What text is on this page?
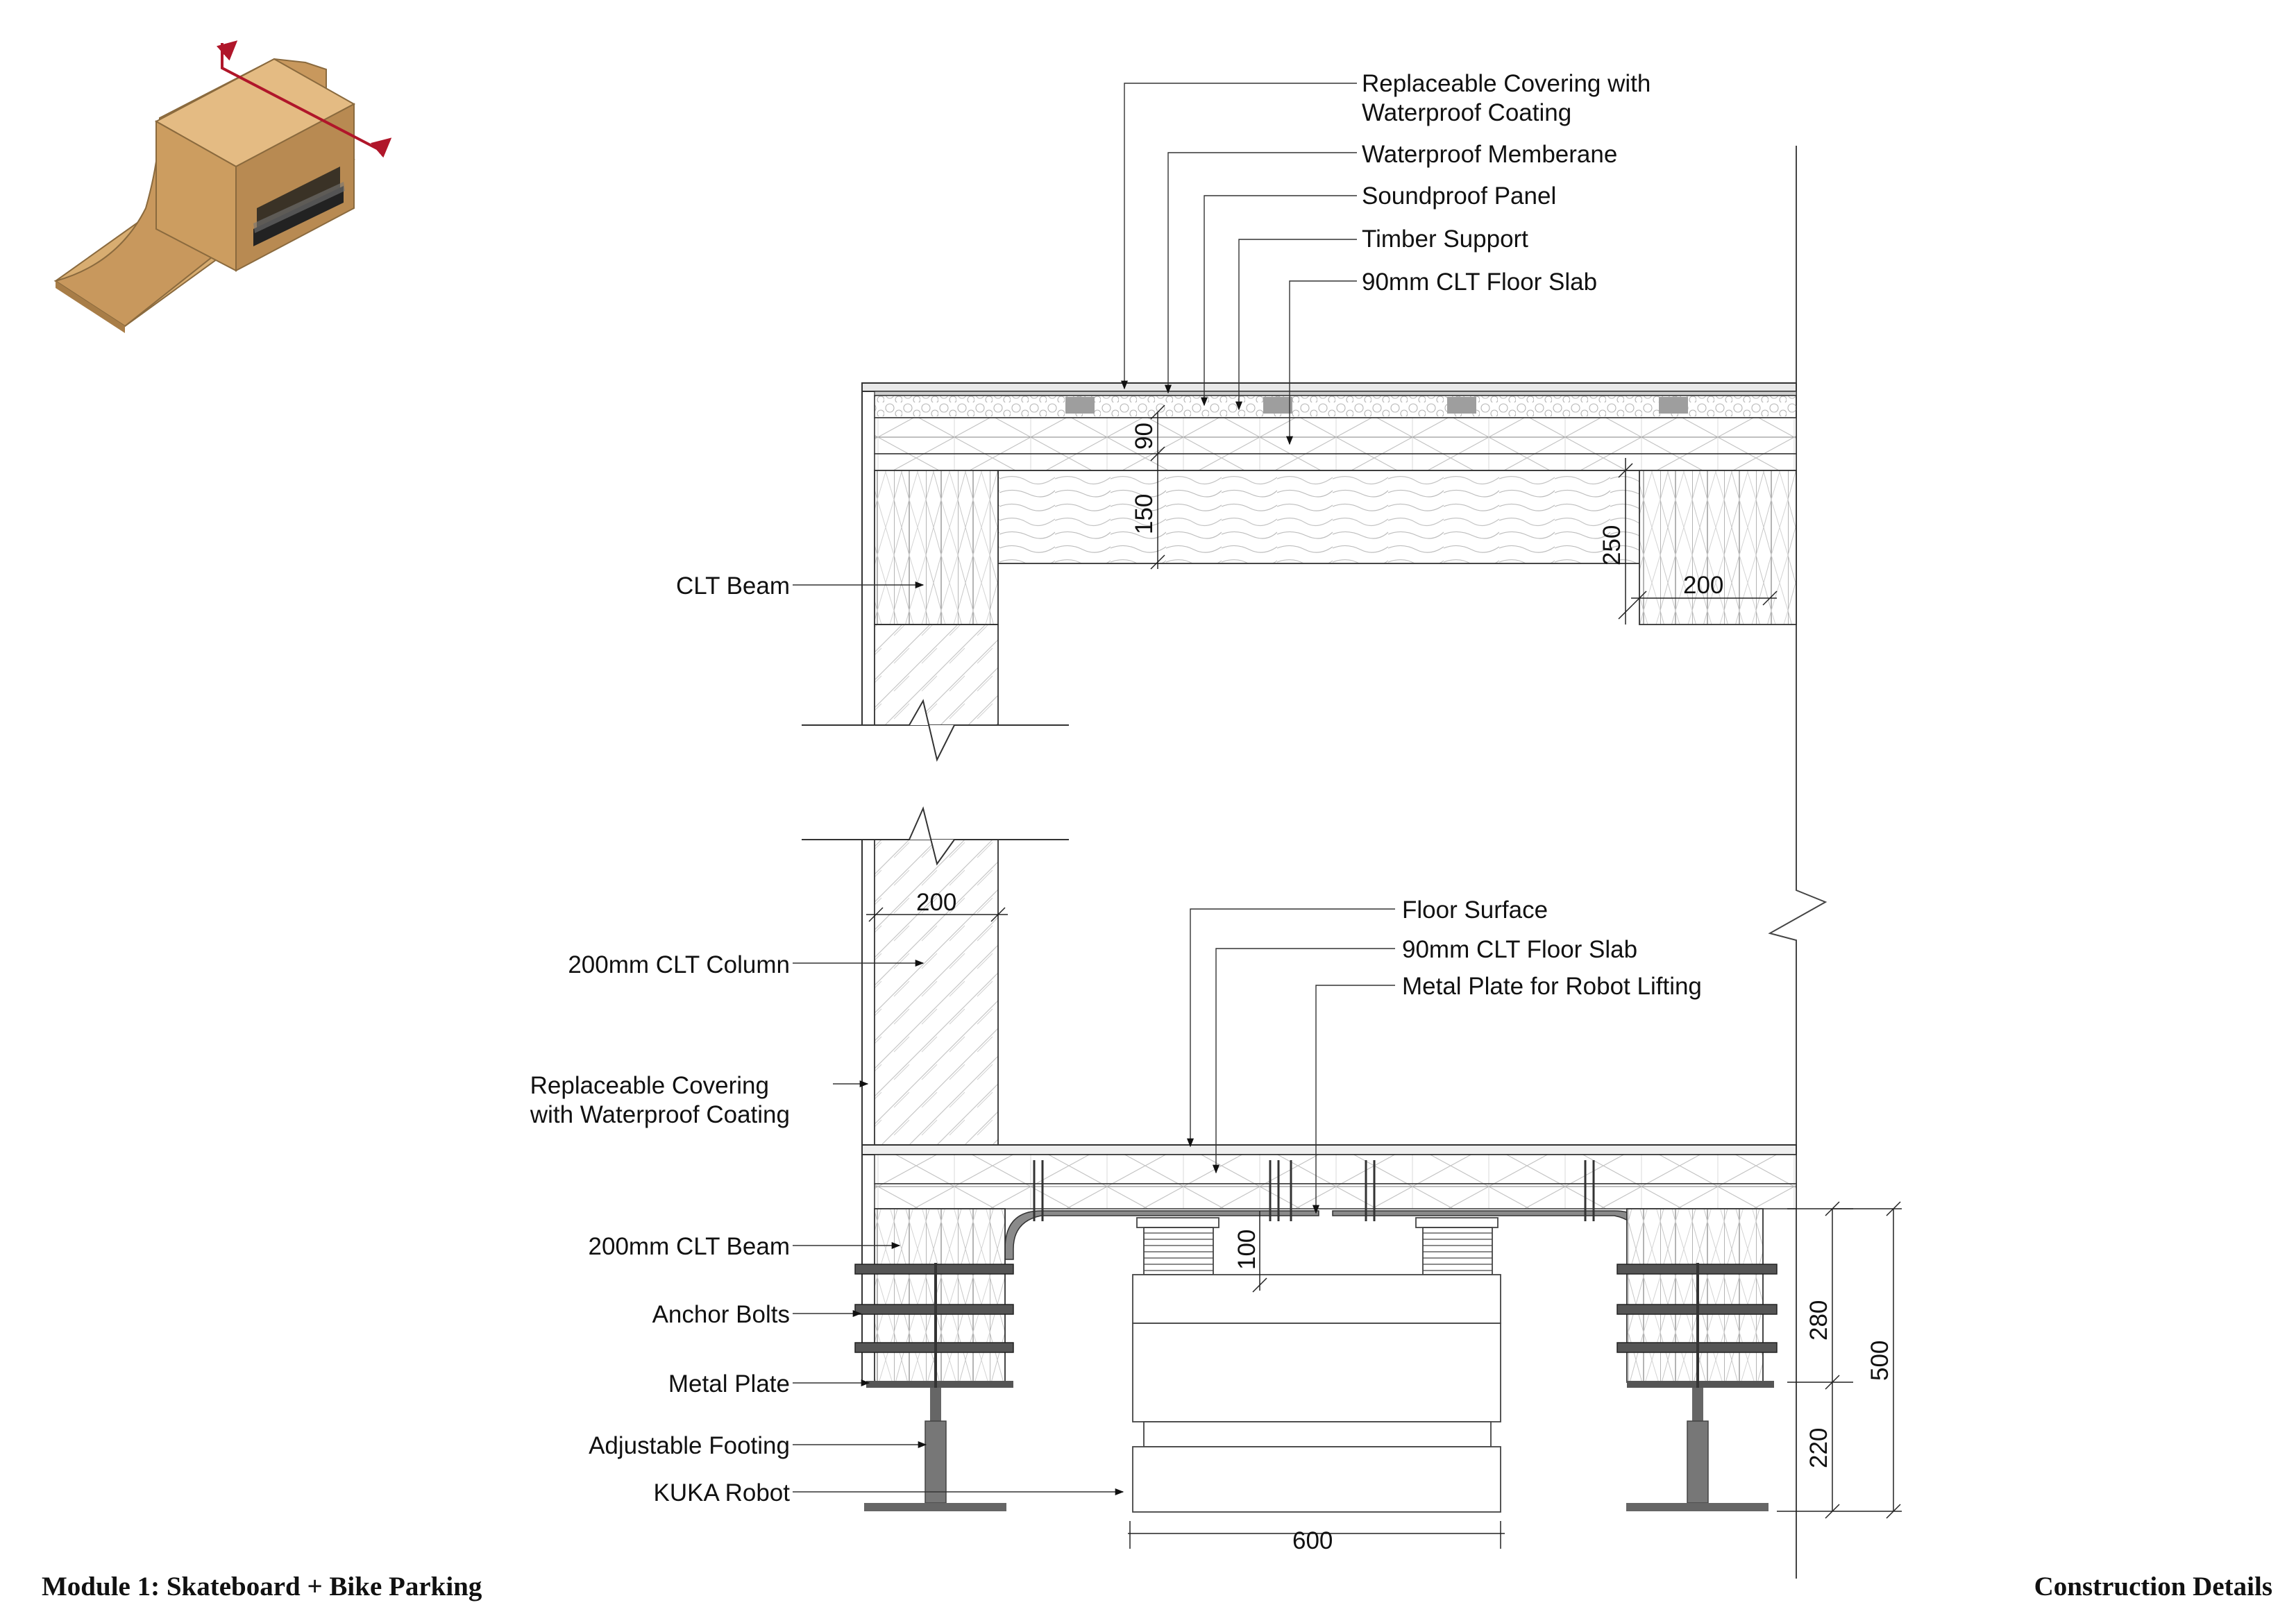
Replaceable Covering with
Waterproof Coating
Waterproof Memberane
Soundproof Panel
Timber Support
90mm CLT Floor Slab
Floor Surface
90mm CLT Floor Slab
Metal Plate for Robot Lifting
CLT Beam
200mm CLT Column
Replaceable Covering
with Waterproof Coating
200mm CLT Beam
Anchor Bolts
Metal Plate
Adjustable Footing
KUKA Robot
90
150
250
200
200
100
280
500
220
600
Module 1: Skateboard + Bike Parking	Construction Details
